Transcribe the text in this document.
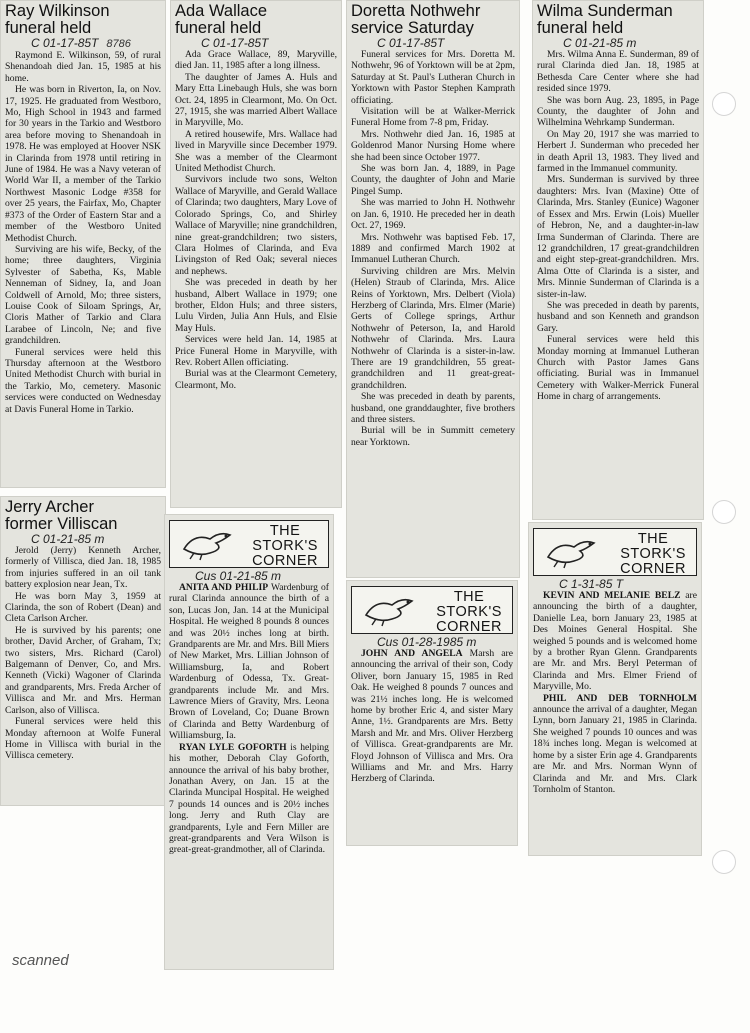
Ray Wilkinson
funeral held
C 01-17-85T 8786

Raymond E. Wilkinson, 59, of rural Shenandoah died Jan. 15, 1985 at his home.

He was born in Riverton, Ia, on Nov. 17, 1925. He graduated from Westboro, Mo, High School in 1943 and farmed for 30 years in the Tarkio and Westboro area before moving to Shenandoah in 1978. He was employed at Hoover NSK in Clarinda from 1978 until retiring in June of 1984. He was a Navy veteran of World War II, a member of the Tarkio Northwest Masonic Lodge #358 for over 25 years, the Fairfax, Mo, Chapter #373 of the Order of Eastern Star and a member of the Westboro United Methodist Church.

Surviving are his wife, Becky, of the home; three daughters, Virginia Sylvester of Sabetha, Ks, Mable Nenneman of Sidney, Ia, and Joan Coldwell of Arnold, Mo; three sisters, Louise Cook of Siloam Springs, Ar, Cloris Mather of Tarkio and Clara Larabee of Lincoln, Ne; and five grandchildren.

Funeral services were held this Thursday afternoon at the Westboro United Methodist Church with burial in the Tarkio, Mo, cemetery. Masonic services were conducted on Wednesday at Davis Funeral Home in Tarkio.

Jerry Archer
former Villiscan
C 01-21-85 m

Jerold (Jerry) Kenneth Archer, formerly of Villisca, died Jan. 18, 1985 from injuries suffered in an oil tank battery explosion near Jean, Tx.

He was born May 3, 1959 at Clarinda, the son of Robert (Dean) and Cleta Carlson Archer.

He is survived by his parents; one brother, David Archer, of Graham, Tx; two sisters, Mrs. Richard (Carol) Balgemann of Denver, Co, and Mrs. Kenneth (Vicki) Wagoner of Clarinda and grandparents, Mrs. Freda Archer of Villisca and Mr. and Mrs. Herman Carlson, also of Villisca.

Funeral services were held this Monday afternoon at Wolfe Funeral Home in Villisca with burial in the Villisca cemetery.

Ada Wallace
funeral held
C 01-17-85T

Ada Grace Wallace, 89, Maryville, died Jan. 11, 1985 after a long illness.

The daughter of James A. Huls and Mary Etta Linebaugh Huls, she was born Oct. 24, 1895 in Clearmont, Mo. On Oct. 27, 1915, she was married Albert Wallace in Maryville, Mo.

A retired housewife, Mrs. Wallace had lived in Maryville since December 1979. She was a member of the Clearmont United Methodist Church.

Survivors include two sons, Welton Wallace of Maryville, and Gerald Wallace of Clarinda; two daughters, Mary Love of Colorado Springs, Co, and Shirley Wallace of Maryville; nine grandchildren, nine great-grandchildren; two sisters, Clara Holmes of Clarinda, and Eva Livingston of Red Oak; several nieces and nephews.

She was preceded in death by her husband, Albert Wallace in 1979; one brother, Eldon Huls; and three sisters, Lulu Virden, Julia Ann Huls, and Elsie May Huls.

Services were held Jan. 14, 1985 at Price Funeral Home in Maryville, with Rev. Robert Allen officiating.

Burial was at the Clearmont Cemetery, Clearmont, Mo.

THE
STORK'S
CORNER
Cus 01-21-85 m

ANITA AND PHILIP Wardenburg of rural Clarinda announce the birth of a son, Lucas Jon, Jan. 14 at the Municipal Hospital. He weighed 8 pounds 8 ounces and was 20½ inches long at birth. Grandparents are Mr. and Mrs. Bill Miers of New Market, Mrs. Lillian Johnson of Williamsburg, Ia, and Robert Wardenburg of Odessa, Tx. Great-grandparents include Mr. and Mrs. Lawrence Miers of Gravity, Mrs. Leona Brown of Loveland, Co; Duane Brown of Clarinda and Betty Wardenburg of Williamsburg, Ia.

RYAN LYLE GOFORTH is helping his mother, Deborah Clay Goforth, announce the arrival of his baby brother, Jonathan Avery, on Jan. 15 at the Clarinda Muncipal Hospital. He weighed 7 pounds 14 ounces and is 20½ inches long. Jerry and Ruth Clay are grandparents, Lyle and Fern Miller are great-grandparents and Vera Wilson is great-great-grandmother, all of Clarinda.

Doretta Nothwehr
service Saturday
C 01-17-85T

Funeral services for Mrs. Doretta M. Nothwehr, 96 of Yorktown will be at 2pm, Saturday at St. Paul's Lutheran Church in Yorktown with Pastor Stephen Kamprath officiating.

Visitation will be at Walker-Merrick Funeral Home from 7-8 pm, Friday.

Mrs. Nothwehr died Jan. 16, 1985 at Goldenrod Manor Nursing Home where she had been since October 1977.

She was born Jan. 4, 1889, in Page County, the daughter of John and Marie Pingel Sump.

She was married to John H. Nothwehr on Jan. 6, 1910. He preceded her in death Oct. 27, 1969.

Mrs. Nothwehr was baptised Feb. 17, 1889 and confirmed March 1902 at Immanuel Lutheran Church.

Surviving children are Mrs. Melvin (Helen) Straub of Clarinda, Mrs. Alice Reins of Yorktown, Mrs. Delbert (Viola) Herzberg of Clarinda, Mrs. Elmer (Marie) Gerts of College springs, Arthur Nothwehr of Peterson, Ia, and Harold Nothwehr of Clarinda. Mrs. Laura Nothwehr of Clarinda is a sister-in-law. There are 19 grandchildren, 55 great-grandchildren and 11 great-great-grandchildren.

She was preceded in death by parents, husband, one granddaughter, five brothers and three sisters.

Burial will be in Summitt cemetery near Yorktown.

THE
STORK'S
CORNER
Cus 01-28-1985 m

JOHN AND ANGELA Marsh are announcing the arrival of their son, Cody Oliver, born January 15, 1985 in Red Oak. He weighed 8 pounds 7 ounces and was 21½ inches long. He is welcomed home by brother Eric 4, and sister Mary Anne, 1½. Grandparents are Mrs. Betty Marsh and Mr. and Mrs. Oliver Herzberg of Villisca. Great-grandparents are Mr. Floyd Johnson of Villisca and Mrs. Ora Williams and Mr. and Mrs. Harry Herzberg of Clarinda.

Wilma Sunderman
funeral held
C 01-21-85 m

Mrs. Wilma Anna E. Sunderman, 89 of rural Clarinda died Jan. 18, 1985 at Bethesda Care Center where she had resided since 1979.

She was born Aug. 23, 1895, in Page County, the daughter of John and Wilhelmina Wehrkamp Sunderman.

On May 20, 1917 she was married to Herbert J. Sunderman who preceded her in death April 13, 1983. They lived and farmed in the Immanuel community.

Mrs. Sunderman is survived by three daughters: Mrs. Ivan (Maxine) Otte of Clarinda, Mrs. Stanley (Eunice) Wagoner of Essex and Mrs. Erwin (Lois) Mueller of Hebron, Ne, and a daughter-in-law Irma Sunderman of Clarinda. There are 12 grandchildren, 17 great-grandchildren and eight step-great-grandchildren. Mrs. Alma Otte of Clarinda is a sister, and Mrs. Minnie Sunderman of Clarinda is a sister-in-law.

She was preceded in death by parents, husband and son Kenneth and grandson Gary.

Funeral services were held this Monday morning at Immanuel Lutheran Church with Pastor James Gans officiating. Burial was in Immanuel Cemetery with Walker-Merrick Funeral Home in charg of arrangements.

THE
STORK'S
CORNER
C 1-31-85 T

KEVIN AND MELANIE BELZ are announcing the birth of a daughter, Danielle Lea, born January 23, 1985 at Des Moines General Hospital. She weighed 5 pounds and is welcomed home by a brother Ryan Glenn. Grandparents are Mr. and Mrs. Beryl Peterman of Clarinda and Mrs. Elmer Friend of Maryville, Mo.

PHIL AND DEB TORNHOLM announce the arrival of a daughter, Megan Lynn, born January 21, 1985 in Clarinda. She weighed 7 pounds 10 ounces and was 18¾ inches long. Megan is welcomed at home by a sister Erin age 4. Grandparents are Mr. and Mrs. Norman Wynn of Clarinda and Mr. and Mrs. Clark Tornholm of Stanton.

scanned
